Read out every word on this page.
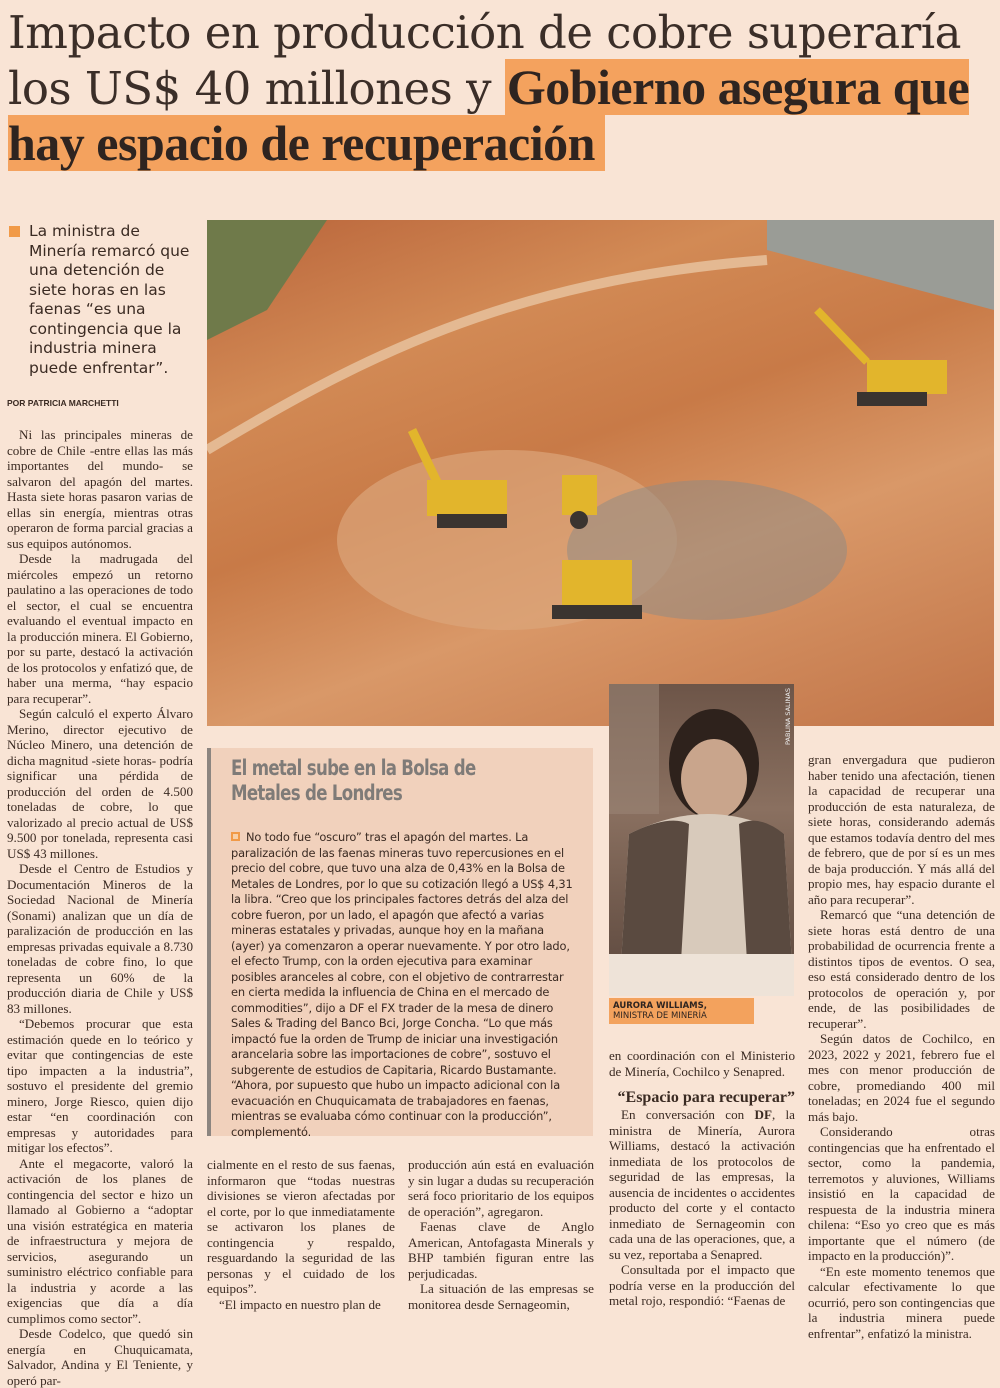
Impacto en producción de cobre superaría los US$ 40 millones y Gobierno asegura que hay espacio de recuperación
La ministra de Minería remarcó que una detención de siete horas en las faenas “es una contingencia que la industria minera puede enfrentar”.
POR PATRICIA MARCHETTI

Ni las principales mineras de cobre de Chile -entre ellas las más importantes del mundo- se salvaron del apagón del martes. Hasta siete horas pasaron varias de ellas sin energía, mientras otras operaron de forma parcial gracias a sus equipos autónomos.

Desde la madrugada del miércoles empezó un retorno paulatino a las operaciones de todo el sector, el cual se encuentra evaluando el eventual impacto en la producción minera. El Gobierno, por su parte, destacó la activación de los protocolos y enfatizó que, de haber una merma, “hay espacio para recuperar”.

Según calculó el experto Álvaro Merino, director ejecutivo de Núcleo Minero, una detención de dicha magnitud -siete horas- podría significar una pérdida de producción del orden de 4.500 toneladas de cobre, lo que valorizado al precio actual de US$ 9.500 por tonelada, representa casi US$ 43 millones.

Desde el Centro de Estudios y Documentación Mineros de la Sociedad Nacional de Minería (Sonami) analizan que un día de paralización de producción en las empresas privadas equivale a 8.730 toneladas de cobre fino, lo que representa un 60% de la producción diaria de Chile y US$ 83 millones.

“Debemos procurar que esta estimación quede en lo teórico y evitar que contingencias de este tipo impacten a la industria”, sostuvo el presidente del gremio minero, Jorge Riesco, quien dijo estar “en coordinación con empresas y autoridades para mitigar los efectos”.

Ante el megacorte, valoró la activación de los planes de contingencia del sector e hizo un llamado al Gobierno a “adoptar una visión estratégica en materia de infraestructura y mejora de servicios, asegurando un suministro eléctrico confiable para la industria y acorde a las exigencias que día a día cumplimos como sector”.

Desde Codelco, que quedó sin energía en Chuquicamata, Salvador, Andina y El Teniente, y operó par-

El metal sube en la Bolsa de Metales de Londres
No todo fue “oscuro” tras el apagón del martes. La paralización de las faenas mineras tuvo repercusiones en el precio del cobre, que tuvo una alza de 0,43% en la Bolsa de Metales de Londres, por lo que su cotización llegó a US$ 4,31 la libra. “Creo que los principales factores detrás del alza del cobre fueron, por un lado, el apagón que afectó a varias mineras estatales y privadas, aunque hoy en la mañana (ayer) ya comenzaron a operar nuevamente. Y por otro lado, el efecto Trump, con la orden ejecutiva para examinar posibles aranceles al cobre, con el objetivo de contrarrestar en cierta medida la influencia de China en el mercado de commodities”, dijo a DF el FX trader de la mesa de dinero Sales & Trading del Banco Bci, Jorge Concha. “Lo que más impactó fue la orden de Trump de iniciar una investigación arancelaria sobre las importaciones de cobre”, sostuvo el subgerente de estudios de Capitaria, Ricardo Bustamante. “Ahora, por supuesto que hubo un impacto adicional con la evacuación en Chuquicamata de trabajadores en faenas, mientras se evaluaba cómo continuar con la producción”, complementó.

cialmente en el resto de sus faenas, informaron que “todas nuestras divisiones se vieron afectadas por el corte, por lo que inmediatamente se activaron los planes de contingencia y respaldo, resguardando la seguridad de las personas y el cuidado de los equipos”.

“El impacto en nuestro plan de

producción aún está en evaluación y sin lugar a dudas su recuperación será foco prioritario de los equipos de operación”, agregaron.

Faenas clave de Anglo American, Antofagasta Minerals y BHP también figuran entre las perjudicadas.

La situación de las empresas se monitorea desde Sernageomin,

PABLINA SALINAS
AURORA WILLIAMS,
MINISTRA DE MINERÍA

en coordinación con el Ministerio de Minería, Cochilco y Senapred.

“Espacio para recuperar”

En conversación con DF, la ministra de Minería, Aurora Williams, destacó la activación inmediata de los protocolos de seguridad de las empresas, la ausencia de incidentes o accidentes producto del corte y el contacto inmediato de Sernageomin con cada una de las operaciones, que, a su vez, reportaba a Senapred.

Consultada por el impacto que podría verse en la producción del metal rojo, respondió: “Faenas de

gran envergadura que pudieron haber tenido una afectación, tienen la capacidad de recuperar una producción de esta naturaleza, de siete horas, considerando además que estamos todavía dentro del mes de febrero, que de por sí es un mes de baja producción. Y más allá del propio mes, hay espacio durante el año para recuperar”.

Remarcó que “una detención de siete horas está dentro de una probabilidad de ocurrencia frente a distintos tipos de eventos. O sea, eso está considerado dentro de los protocolos de operación y, por ende, de las posibilidades de recuperar”.

Según datos de Cochilco, en 2023, 2022 y 2021, febrero fue el mes con menor producción de cobre, promediando 400 mil toneladas; en 2024 fue el segundo más bajo.

Considerando otras contingencias que ha enfrentado el sector, como la pandemia, terremotos y aluviones, Williams insistió en la capacidad de respuesta de la industria minera chilena: “Eso yo creo que es más importante que el número (de impacto en la producción)”.

“En este momento tenemos que calcular efectivamente lo que ocurrió, pero son contingencias que la industria minera puede enfrentar”, enfatizó la ministra.
